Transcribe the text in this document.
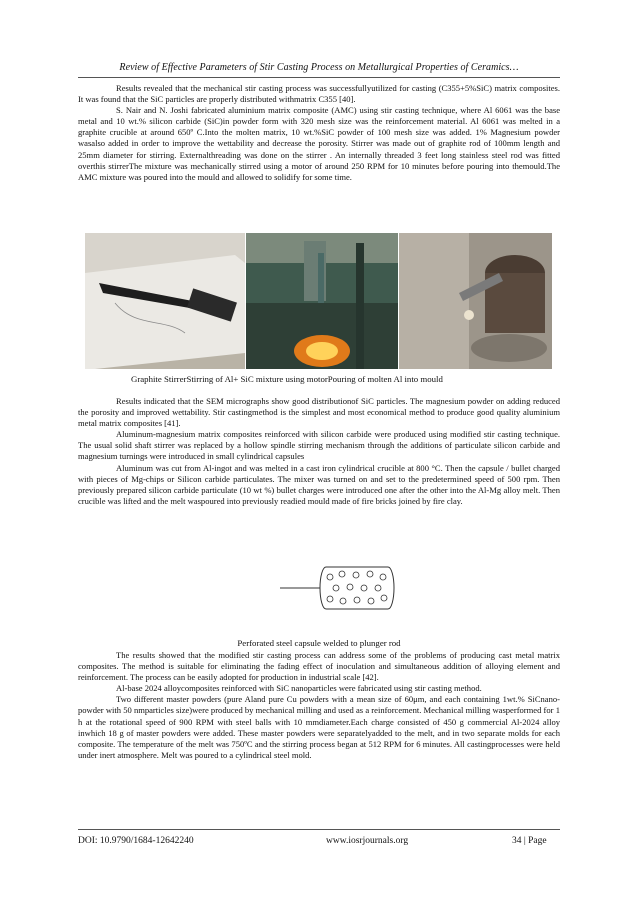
Review of Effective Parameters of Stir Casting Process on Metallurgical Properties of Ceramics…

Results revealed that the mechanical stir casting process was successfullyutilized for casting (C355+5%SiC) matrix composites. It was found that the SiC particles are properly distributed withmatrix C355 [40].

S. Nair and N. Joshi fabricated aluminium matrix composite (AMC) using stir casting technique, where Al 6061 was the base metal and 10 wt.% silicon carbide (SiC)in powder form with 320 mesh size was the reinforcement material. Al 6061 was melted in a graphite crucible at around 650º C.Into the molten matrix, 10 wt.%SiC powder of 100 mesh size was added. 1% Magnesium powder wasalso added in order to improve the wettability and decrease the porosity. Stirrer was made out of graphite rod of 100mm length and 25mm diameter for stirring. Externalthreading was done on the stirrer . An internally threaded 3 feet long stainless steel rod was fitted overthis stirrerThe mixture was mechanically stirred using a motor of around 250 RPM for 10 minutes before pouring into themould.The AMC mixture was poured into the mould and allowed to solidify for some time.

Graphite StirrerStirring of Al+ SiC mixture using motorPouring of molten Al into mould

Results indicated that the SEM micrographs show good distributionof SiC particles. The magnesium powder on adding reduced the porosity and improved wettability. Stir castingmethod is the simplest and most economical method to produce good quality aluminium metal matrix composites [41].

Aluminum-magnesium matrix composites reinforced with silicon carbide were produced using modified stir casting technique. The usual solid shaft stirrer was replaced by a hollow spindle stirring mechanism through the additions of particulate silicon carbide and magnesium turnings were introduced in small cylindrical capsules

Aluminum was cut from Al-ingot and was melted in a cast iron cylindrical crucible at 800 °C. Then the capsule / bullet charged with pieces of Mg-chips or Silicon carbide particulates. The mixer was turned on and set to the predetermined speed of 500 rpm. Then previously prepared silicon carbide particulate (10 wt %) bullet charges were introduced one after the other into the Al-Mg alloy melt. Then crucible was lifted and the melt waspoured into previously readied mould made of fire bricks joined by fire clay.

Perforated steel capsule welded to plunger rod

The results showed that the modified stir casting process can address some of the problems of producing cast metal matrix composites. The method is suitable for eliminating the fading effect of inoculation and simultaneous addition of alloying element and reinforcement. The process can be easily adopted for production in industrial scale [42].

Al-base 2024 alloycomposites reinforced with SiC nanoparticles were fabricated using stir casting method.

Two different master powders (pure Aland pure Cu powders with a mean size of 60μm, and each containing 1wt.% SiCnano-powder with 50 nmparticles size)were produced by mechanical milling and used as a reinforcement. Mechanical milling wasperformed for 1 h at the rotational speed of 900 RPM with steel balls with 10 mmdiameter.Each charge consisted of 450 g commercial Al-2024 alloy inwhich 18 g of master powders were added. These master powders were separatelyadded to the melt, and in two separate molds for each composite. The temperature of the melt was 750ºC and the stirring process began at 512 RPM for 6 minutes. All castingprocesses were held under inert atmosphere. Melt was poured to a cylindrical steel mold.

DOI: 10.9790/1684-12642240	www.iosrjournals.org	34 | Page
